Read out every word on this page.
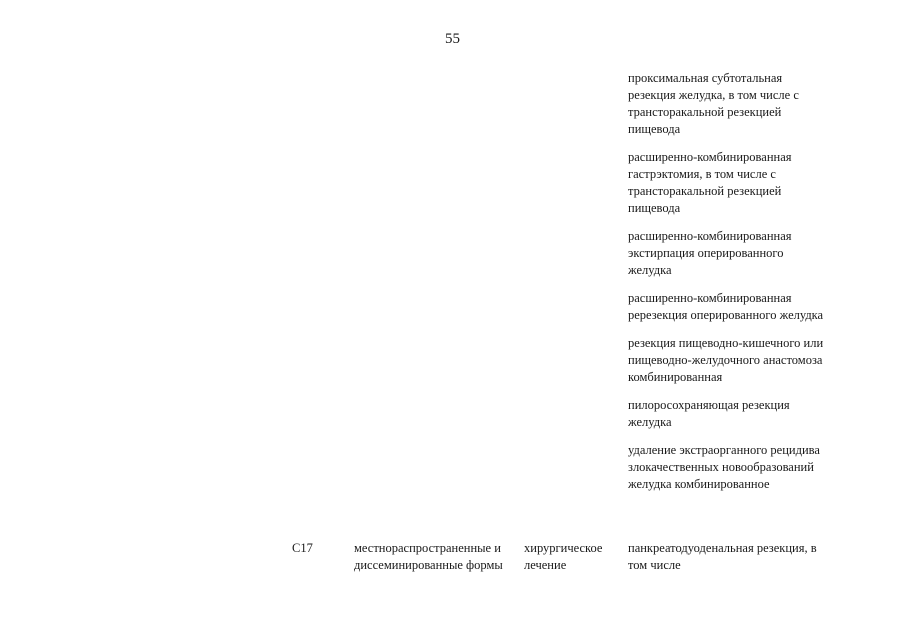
55
проксимальная субтотальная резекция желудка, в том числе с трансторакальной резекцией пищевода
расширенно-комбинированная гастрэктомия, в том числе с трансторакальной резекцией пищевода
расширенно-комбинированная экстирпация оперированного желудка
расширенно-комбинированная ререзекция оперированного желудка
резекция пищеводно-кишечного или пищеводно-желудочного анастомоза комбинированная
пилоросохраняющая резекция желудка
удаление экстраорганного рецидива злокачественных новообразований желудка комбинированное
C17	местнораспространенные и диссеминированные формы
хирургическое лечение
панкреатодуоденальная резекция, в том числе
